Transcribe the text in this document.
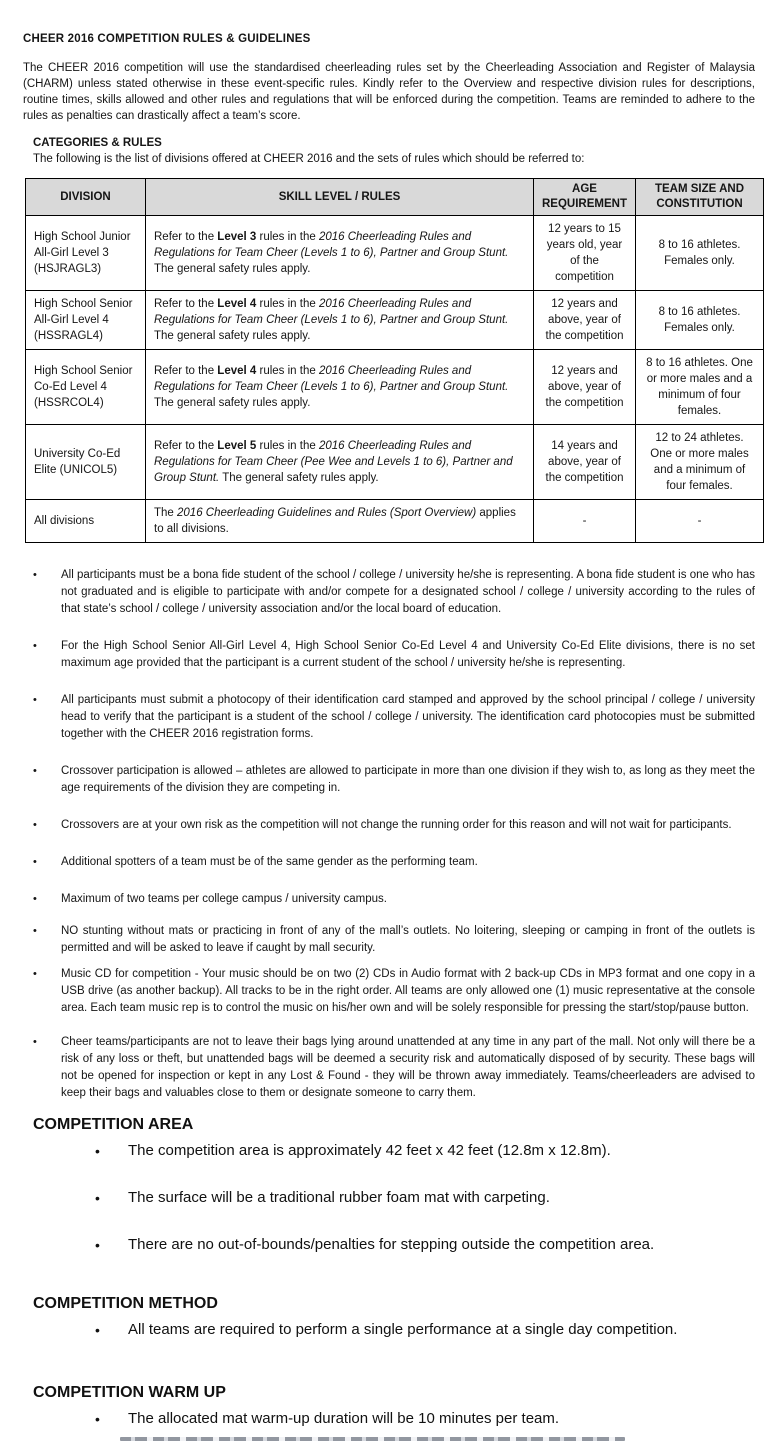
CHEER 2016 COMPETITION RULES & GUIDELINES

The CHEER 2016 competition will use the standardised cheerleading rules set by the Cheerleading Association and Register of Malaysia (CHARM) unless stated otherwise in these event-specific rules. Kindly refer to the Overview and respective division rules for descriptions, routine times, skills allowed and other rules and regulations that will be enforced during the competition. Teams are reminded to adhere to the rules as penalties can drastically affect a team’s score.

CATEGORIES & RULES
The following is the list of divisions offered at CHEER 2016 and the sets of rules which should be referred to:
DIVISION	SKILL LEVEL / RULES	AGE REQUIREMENT	TEAM SIZE AND CONSTITUTION
High School Junior All-Girl Level 3 (HSJRAGL3)	Refer to the Level 3 rules in the 2016 Cheerleading Rules and Regulations for Team Cheer (Levels 1 to 6), Partner and Group Stunt. The general safety rules apply.	12 years to 15 years old, year of the competition	8 to 16 athletes. Females only.
High School Senior All-Girl Level 4 (HSSRAGL4)	Refer to the Level 4 rules in the 2016 Cheerleading Rules and Regulations for Team Cheer (Levels 1 to 6), Partner and Group Stunt. The general safety rules apply.	12 years and above, year of the competition	8 to 16 athletes. Females only.
High School Senior Co-Ed Level 4 (HSSRCOL4)	Refer to the Level 4 rules in the 2016 Cheerleading Rules and Regulations for Team Cheer (Levels 1 to 6), Partner and Group Stunt. The general safety rules apply.	12 years and above, year of the competition	8 to 16 athletes. One or more males and a minimum of four females.
University Co-Ed Elite (UNICOL5)	Refer to the Level 5 rules in the 2016 Cheerleading Rules and Regulations for Team Cheer (Pee Wee and Levels 1 to 6), Partner and Group Stunt. The general safety rules apply.	14 years and above, year of the competition	12 to 24 athletes. One or more males and a minimum of four females.
All divisions	The 2016 Cheerleading Guidelines and Rules (Sport Overview) applies to all divisions.	-	-
• All participants must be a bona fide student of the school / college / university he/she is representing. A bona fide student is one who has not graduated and is eligible to participate with and/or compete for a designated school / college / university according to the rules of that state’s school / college / university association and/or the local board of education.
• For the High School Senior All-Girl Level 4, High School Senior Co-Ed Level 4 and University Co-Ed Elite divisions, there is no set maximum age provided that the participant is a current student of the school / university he/she is representing.
• All participants must submit a photocopy of their identification card stamped and approved by the school principal / college / university head to verify that the participant is a student of the school / college / university. The identification card photocopies must be submitted together with the CHEER 2016 registration forms.
• Crossover participation is allowed – athletes are allowed to participate in more than one division if they wish to, as long as they meet the age requirements of the division they are competing in.
• Crossovers are at your own risk as the competition will not change the running order for this reason and will not wait for participants.
• Additional spotters of a team must be of the same gender as the performing team.
• Maximum of two teams per college campus / university campus.
• NO stunting without mats or practicing in front of any of the mall’s outlets. No loitering, sleeping or camping in front of the outlets is permitted and will be asked to leave if caught by mall security.
• Music CD for competition - Your music should be on two (2) CDs in Audio format with 2 back-up CDs in MP3 format and one copy in a USB drive (as another backup). All tracks to be in the right order. All teams are only allowed one (1) music representative at the console area. Each team music rep is to control the music on his/her own and will be solely responsible for pressing the start/stop/pause button.
• Cheer teams/participants are not to leave their bags lying around unattended at any time in any part of the mall. Not only will there be a risk of any loss or theft, but unattended bags will be deemed a security risk and automatically disposed of by security. These bags will not be opened for inspection or kept in any Lost & Found - they will be thrown away immediately. Teams/cheerleaders are advised to keep their bags and valuables close to them or designate someone to carry them.
COMPETITION AREA
• The competition area is approximately 42 feet x 42 feet (12.8m x 12.8m).
• The surface will be a traditional rubber foam mat with carpeting.
• There are no out-of-bounds/penalties for stepping outside the competition area.
COMPETITION METHOD
• All teams are required to perform a single performance at a single day competition.
COMPETITION WARM UP
• The allocated mat warm-up duration will be 10 minutes per team.
